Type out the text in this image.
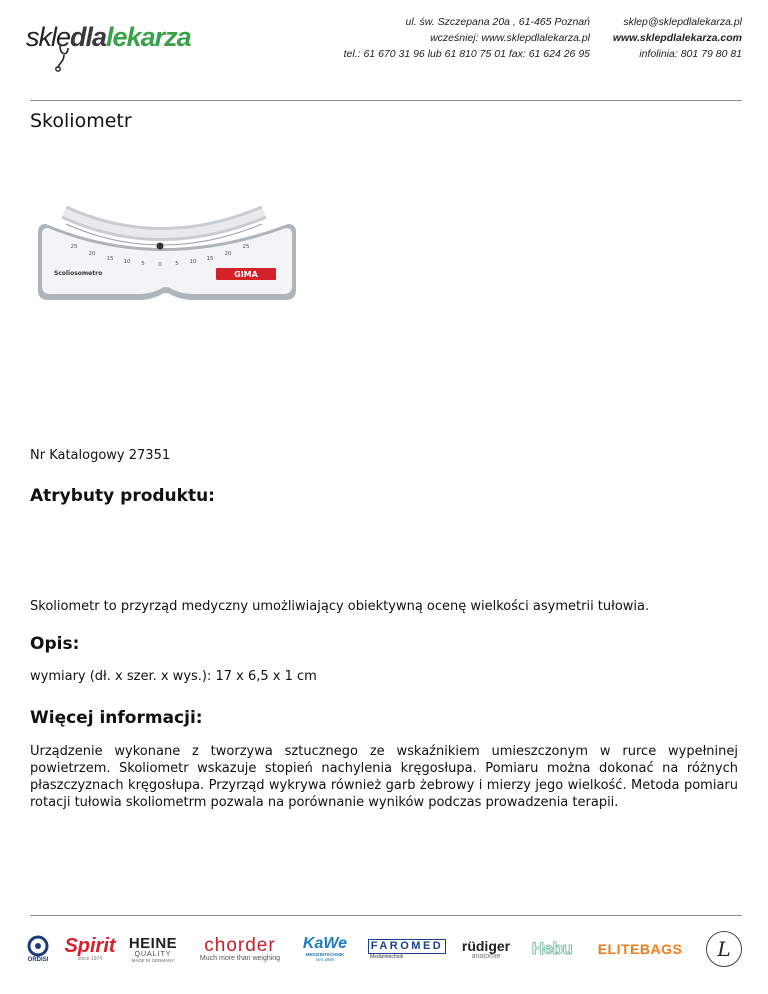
skledlalekarza	ul. św. Szczepana 20a , 61-465 Poznań
wcześniej: www.sklepdlalekarza.pl
tel.: 61 670 31 96 lub 61 810 75 01 fax: 61 624 26 95
sklep@sklepdlalekarza.pl
www.sklepdlalekarza.com
infolinia: 801 79 80 81
Skoliometr
25
20
15 10 5 0 5 10 15
20
25
Scoliosometro	GIMA
Nr Katalogowy 27351
Atrybuty produktu:

Skoliometr to przyrząd medyczny umożliwiający obiektywną ocenę wielkości asymetrii tułowia.

Opis:

wymiary (dł. x szer. x wys.): 17 x 6,5 x 1 cm

Więcej informacji:

Urządzenie wykonane z tworzywa sztucznego ze wskaźnikiem umieszczonym w rurce wypełninej powietrzem. Skoliometr wskazuje stopień nachylenia kręgosłupa. Pomiaru można dokonać na różnych płaszczyznach kręgosłupa. Przyrząd wykrywa również garb żebrowy i mierzy jego wielkość. Metoda pomiaru rotacji tułowia skoliometrm pozwala na porównanie wyników podczas prowadzenia terapii.

ORDISI
Spirit
since 1974
HEINE
QUALITY
MADE IN GERMANY
chorder
Much more than weighing
KaWe
MEDIZINTECHNIK
seit 1890
FAROMED
Medizintechnik
rüdiger
anatomie Hebu ELITEBAGS L
